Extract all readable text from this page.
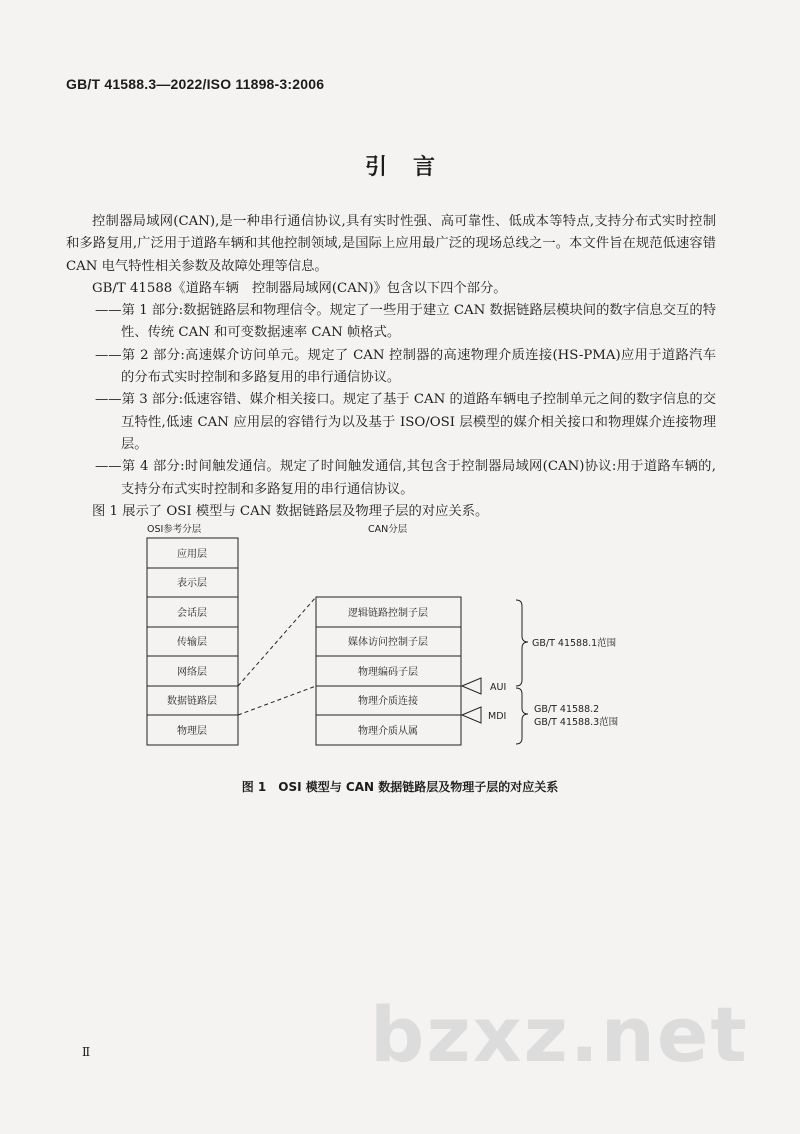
GB/T 41588.3—2022/ISO 11898-3:2006
引言

控制器局域网(CAN),是一种串行通信协议,具有实时性强、高可靠性、低成本等特点,支持分布式实时控制和多路复用,广泛用于道路车辆和其他控制领域,是国际上应用最广泛的现场总线之一。本文件旨在规范低速容错 CAN 电气特性相关参数及故障处理等信息。

GB/T 41588《道路车辆　控制器局域网(CAN)》包含以下四个部分。

——第 1 部分:数据链路层和物理信令。规定了一些用于建立 CAN 数据链路层模块间的数字信息交互的特性、传统 CAN 和可变数据速率 CAN 帧格式。

——第 2 部分:高速媒介访问单元。规定了 CAN 控制器的高速物理介质连接(HS-PMA)应用于道路汽车的分布式实时控制和多路复用的串行通信协议。

——第 3 部分:低速容错、媒介相关接口。规定了基于 CAN 的道路车辆电子控制单元之间的数字信息的交互特性,低速 CAN 应用层的容错行为以及基于 ISO/OSI 层模型的媒介相关接口和物理媒介连接物理层。

——第 4 部分:时间触发通信。规定了时间触发通信,其包含于控制器局域网(CAN)协议:用于道路车辆的,支持分布式实时控制和多路复用的串行通信协议。

图 1 展示了 OSI 模型与 CAN 数据链路层及物理子层的对应关系。

OSI参考分层	CAN分层
应用层
表示层
会话层
传输层
网络层
数据链路层
物理层
逻辑链路控制子层
媒体访问控制子层
物理编码子层
物理介质连接
物理介质从属
AUI
MDI
GB/T 41588.1范围
GB/T 41588.2
GB/T 41588.3范围
图 1　OSI 模型与 CAN 数据链路层及物理子层的对应关系
bzxz.net
Ⅱ
